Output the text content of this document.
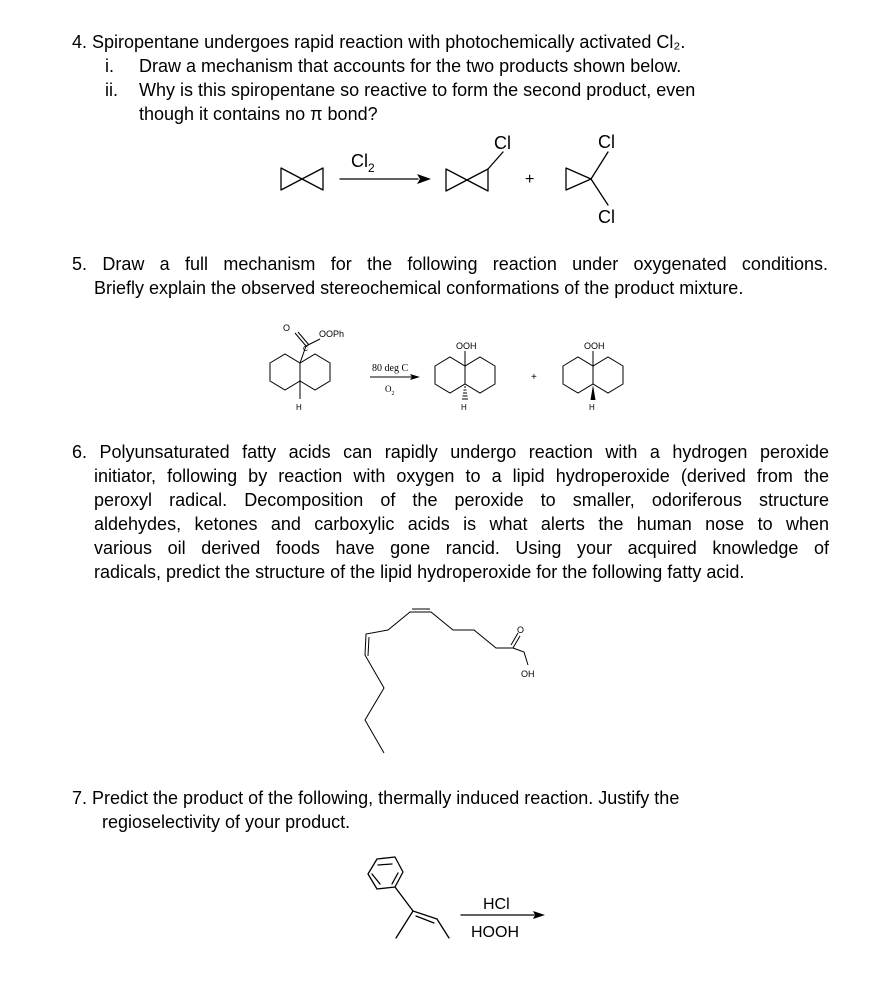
4. Spiropentane undergoes rapid reaction with photochemically activated Cl₂.
i. Draw a mechanism that accounts for the two products shown below.
ii. Why is this spiropentane so reactive to form the second product, even
though it contains no π bond?
5. Draw a full mechanism for the following reaction under oxygenated conditions.
Briefly explain the observed stereochemical conformations of the product mixture.
6. Polyunsaturated fatty acids can rapidly undergo reaction with a hydrogen peroxide
initiator, following by reaction with oxygen to a lipid hydroperoxide (derived from the
peroxyl radical. Decomposition of the peroxide to smaller, odoriferous structure
aldehydes, ketones and carboxylic acids is what alerts the human nose to when
various oil derived foods have gone rancid. Using your acquired knowledge of
radicals, predict the structure of the lipid hydroperoxide for the following fatty acid.
7. Predict the product of the following, thermally induced reaction. Justify the
regioselectivity of your product.
$Cl_2$
Cl
+
Cl
Cl
O
C
OOPh
H
80 deg C
$O_2$
OOH
H
+
OOH
H
O
OH
HCl
HOOH
